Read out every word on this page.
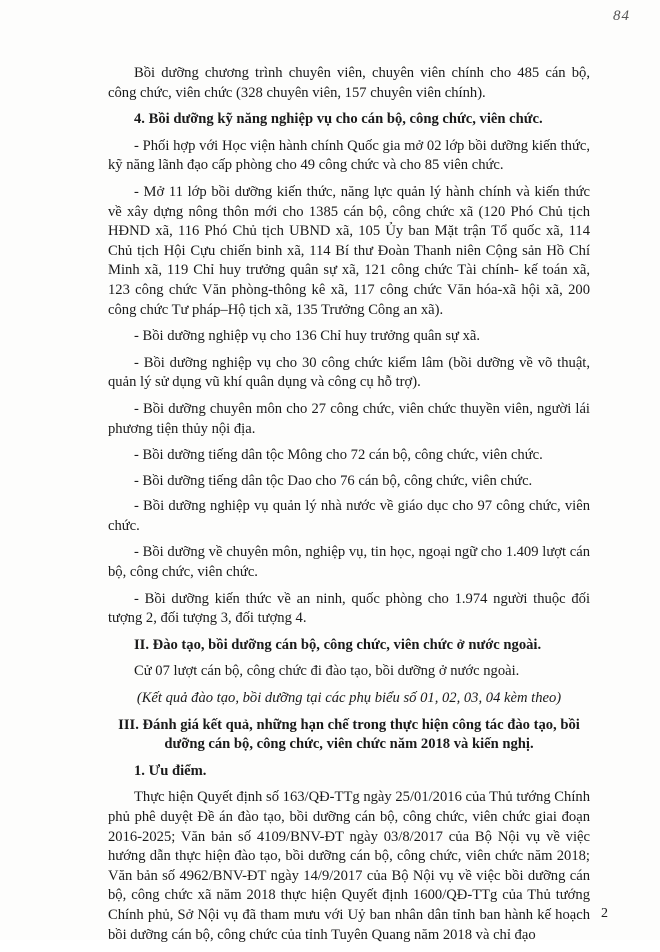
84

Bồi dưỡng chương trình chuyên viên, chuyên viên chính cho 485 cán bộ, công chức, viên chức (328 chuyên viên, 157 chuyên viên chính).

4. Bồi dưỡng kỹ năng nghiệp vụ cho cán bộ, công chức, viên chức.

- Phối hợp với Học viện hành chính Quốc gia mở 02 lớp bồi dưỡng kiến thức, kỹ năng lãnh đạo cấp phòng cho 49 công chức và cho 85 viên chức.

- Mở 11 lớp bồi dưỡng kiến thức, năng lực quản lý hành chính và kiến thức về xây dựng nông thôn mới cho 1385 cán bộ, công chức xã (120 Phó Chủ tịch HĐND xã, 116 Phó Chủ tịch UBND xã, 105 Ủy ban Mặt trận Tổ quốc xã, 114 Chủ tịch Hội Cựu chiến binh xã, 114 Bí thư Đoàn Thanh niên Cộng sản Hồ Chí Minh xã, 119 Chỉ huy trưởng quân sự xã, 121 công chức Tài chính- kế toán xã, 123 công chức Văn phòng-thông kê xã, 117 công chức Văn hóa-xã hội xã, 200 công chức Tư pháp–Hộ tịch xã, 135 Trưởng Công an xã).

- Bồi dưỡng nghiệp vụ cho 136 Chỉ huy trưởng quân sự xã.

- Bồi dưỡng nghiệp vụ cho 30 công chức kiểm lâm (bồi dưỡng về võ thuật, quản lý sử dụng vũ khí quân dụng và công cụ hỗ trợ).

- Bồi dưỡng chuyên môn cho 27 công chức, viên chức thuyền viên, người lái phương tiện thủy nội địa.

- Bồi dưỡng tiếng dân tộc Mông cho 72 cán bộ, công chức, viên chức.

- Bồi dưỡng tiếng dân tộc Dao cho 76 cán bộ, công chức, viên chức.

- Bồi dưỡng nghiệp vụ quản lý nhà nước về giáo dục cho 97 công chức, viên chức.

- Bồi dưỡng về chuyên môn, nghiệp vụ, tin học, ngoại ngữ cho 1.409 lượt cán bộ, công chức, viên chức.

- Bồi dưỡng kiến thức về an ninh, quốc phòng cho 1.974 người thuộc đối tượng 2, đối tượng 3, đối tượng 4.

II. Đào tạo, bồi dưỡng cán bộ, công chức, viên chức ở nước ngoài.

Cử 07 lượt cán bộ, công chức đi đào tạo, bồi dưỡng ở nước ngoài.

(Kết quả đào tạo, bồi dưỡng tại các phụ biểu số 01, 02, 03, 04 kèm theo)

III. Đánh giá kết quả, những hạn chế trong thực hiện công tác đào tạo, bồi dưỡng cán bộ, công chức, viên chức năm 2018 và kiến nghị.

1. Ưu điểm.

Thực hiện Quyết định số 163/QĐ-TTg ngày 25/01/2016 của Thủ tướng Chính phủ phê duyệt Đề án đào tạo, bồi dưỡng cán bộ, công chức, viên chức giai đoạn 2016-2025; Văn bản số 4109/BNV-ĐT ngày 03/8/2017 của Bộ Nội vụ về việc hướng dẫn thực hiện đào tạo, bồi dưỡng cán bộ, công chức, viên chức năm 2018; Văn bản số 4962/BNV-ĐT ngày 14/9/2017 của Bộ Nội vụ về việc bồi dưỡng cán bộ, công chức xã năm 2018 thực hiện Quyết định 1600/QĐ-TTg của Thủ tướng Chính phủ, Sở Nội vụ đã tham mưu với Uỷ ban nhân dân tỉnh ban hành kế hoạch bồi dưỡng cán bộ, công chức của tỉnh Tuyên Quang năm 2018 và chỉ đạo

2
